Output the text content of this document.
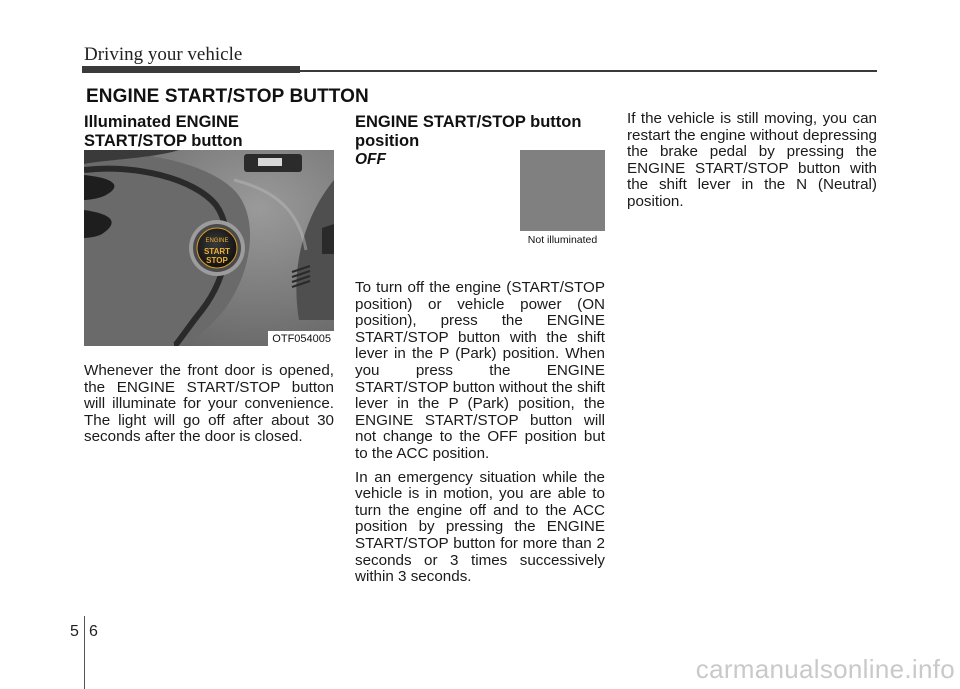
Driving your vehicle
ENGINE START/STOP BUTTON
Illuminated ENGINE
START/STOP button
ENGINE
START
STOP
OTF054005

Whenever the front door is opened, the ENGINE START/STOP button will illuminate for your convenience. The light will go off after about 30 seconds after the door is closed.

ENGINE START/STOP button
position
OFF
Not illuminated

To turn off the engine (START/STOP position) or vehicle power (ON position), press the ENGINE START/STOP button with the shift lever in the P (Park) position. When you press the ENGINE START/STOP button without the shift lever in the P (Park) position, the ENGINE START/STOP button will not change to the OFF position but to the ACC position.

In an emergency situation while the vehicle is in motion, you are able to turn the engine off and to the ACC position by pressing the ENGINE START/STOP button for more than 2 seconds or 3 times successively within 3 seconds.

If the vehicle is still moving, you can restart the engine without depressing the brake pedal by pressing the ENGINE START/STOP button with the shift lever in the N (Neutral) position.

5 6
carmanualsonline.info
